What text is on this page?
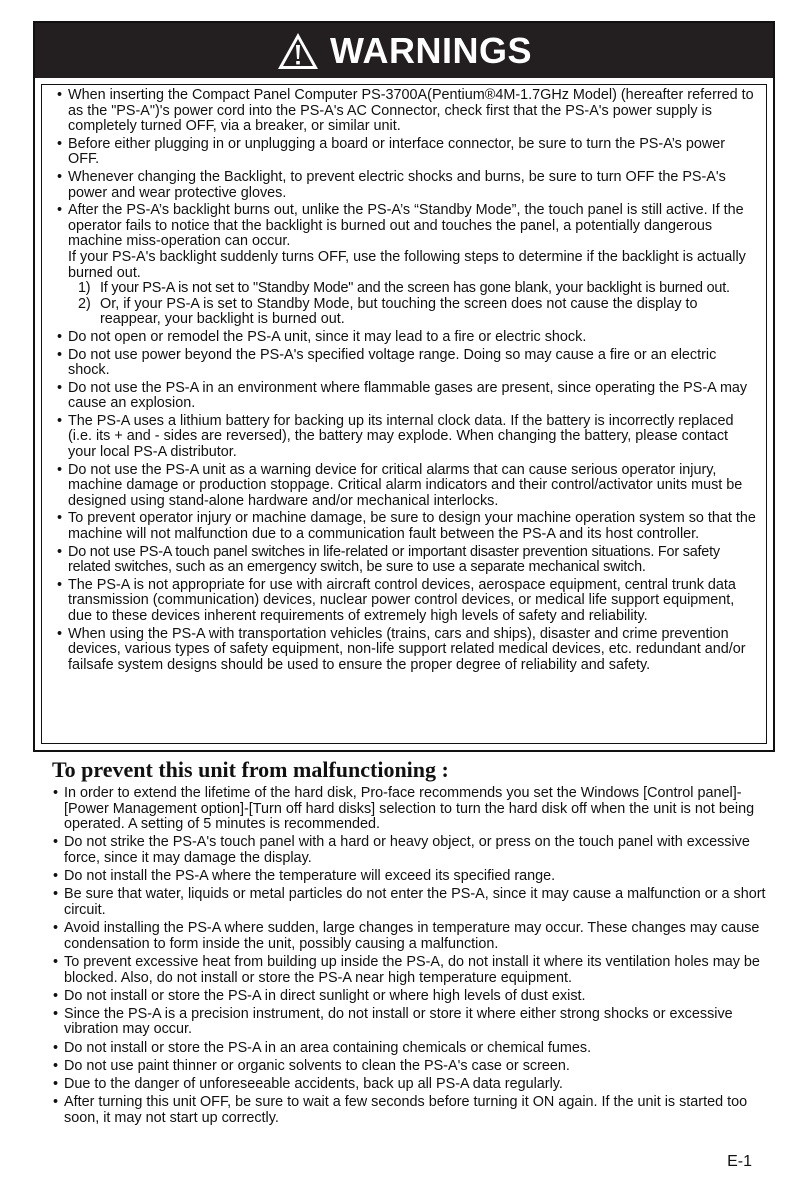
WARNINGS
• When inserting the Compact Panel Computer PS-3700A(Pentium®4M-1.7GHz Model) (hereafter referred to as the "PS-A")'s power cord into the PS-A's AC Connector, check first that the PS-A's power supply is completely turned OFF, via a breaker, or similar unit.
• Before either plugging in or unplugging a board or interface connector, be sure to turn the PS-A’s power OFF.
• Whenever changing the Backlight, to prevent electric shocks and burns, be sure to turn OFF the PS-A's power and wear protective gloves.
• After the PS-A’s backlight burns out, unlike the PS-A’s “Standby Mode”, the touch panel is still active. If the operator fails to notice that the backlight is burned out and touches the panel, a potentially dangerous machine miss-operation can occur.
If your PS-A's backlight suddenly turns OFF, use the following steps to determine if the backlight is actually burned out.
1) If your PS-A is not set to "Standby Mode" and the screen has gone blank, your backlight is burned out.
2) Or, if your PS-A is set to Standby Mode, but touching the screen does not cause the display to reappear, your backlight is burned out.
• Do not open or remodel the PS-A unit, since it may lead to a fire or electric shock.
• Do not use power beyond the PS-A's specified voltage range. Doing so may cause a fire or an electric shock.
• Do not use the PS-A in an environment where flammable gases are present, since operating the PS-A may cause an explosion.
• The PS-A uses a lithium battery for backing up its internal clock data. If the battery is incorrectly replaced (i.e. its + and - sides are reversed), the battery may explode. When changing the battery, please contact your local PS-A distributor.
• Do not use the PS-A unit as a warning device for critical alarms that can cause serious operator injury, machine damage or production stoppage. Critical alarm indicators and their control/activator units must be designed using stand-alone hardware and/or mechanical interlocks.
• To prevent operator injury or machine damage, be sure to design your machine operation system so that the machine will not malfunction due to a communication fault between the PS-A and its host controller.
• Do not use PS-A touch panel switches in life-related or important disaster prevention situations. For safety related switches, such as an emergency switch, be sure to use a separate mechanical switch.
• The PS-A is not appropriate for use with aircraft control devices, aerospace equipment, central trunk data transmission (communication) devices, nuclear power control devices, or medical life support equipment, due to these devices inherent requirements of extremely high levels of safety and reliability.
• When using the PS-A with transportation vehicles (trains, cars and ships), disaster and crime prevention devices, various types of safety equipment, non-life support related medical devices, etc. redundant and/or failsafe system designs should be used to ensure the proper degree of reliability and safety.
To prevent this unit from malfunctioning :
• In order to extend the lifetime of the hard disk, Pro-face recommends you set the Windows [Control panel]-[Power Management option]-[Turn off hard disks] selection to turn the hard disk off when the unit is not being operated. A setting of 5 minutes is recommended.
• Do not strike the PS-A's touch panel with a hard or heavy object, or press on the touch panel with excessive force, since it may damage the display.
• Do not install the PS-A where the temperature will exceed its specified range.
• Be sure that water, liquids or metal particles do not enter the PS-A, since it may cause a malfunction or a short circuit.
• Avoid installing the PS-A where sudden, large changes in temperature may occur. These changes may cause condensation to form inside the unit, possibly causing a malfunction.
• To prevent excessive heat from building up inside the PS-A, do not install it where its ventilation holes may be blocked. Also, do not install or store the PS-A near high temperature equipment.
• Do not install or store the PS-A in direct sunlight or where high levels of dust exist.
• Since the PS-A is a precision instrument, do not install or store it where either strong shocks or excessive vibration may occur.
• Do not install or store the PS-A in an area containing chemicals or chemical fumes.
• Do not use paint thinner or organic solvents to clean the PS-A's case or screen.
• Due to the danger of unforeseeable accidents, back up all PS-A data regularly.
• After turning this unit OFF, be sure to wait a few seconds before turning it ON again. If the unit is started too soon, it may not start up correctly.
E-1
